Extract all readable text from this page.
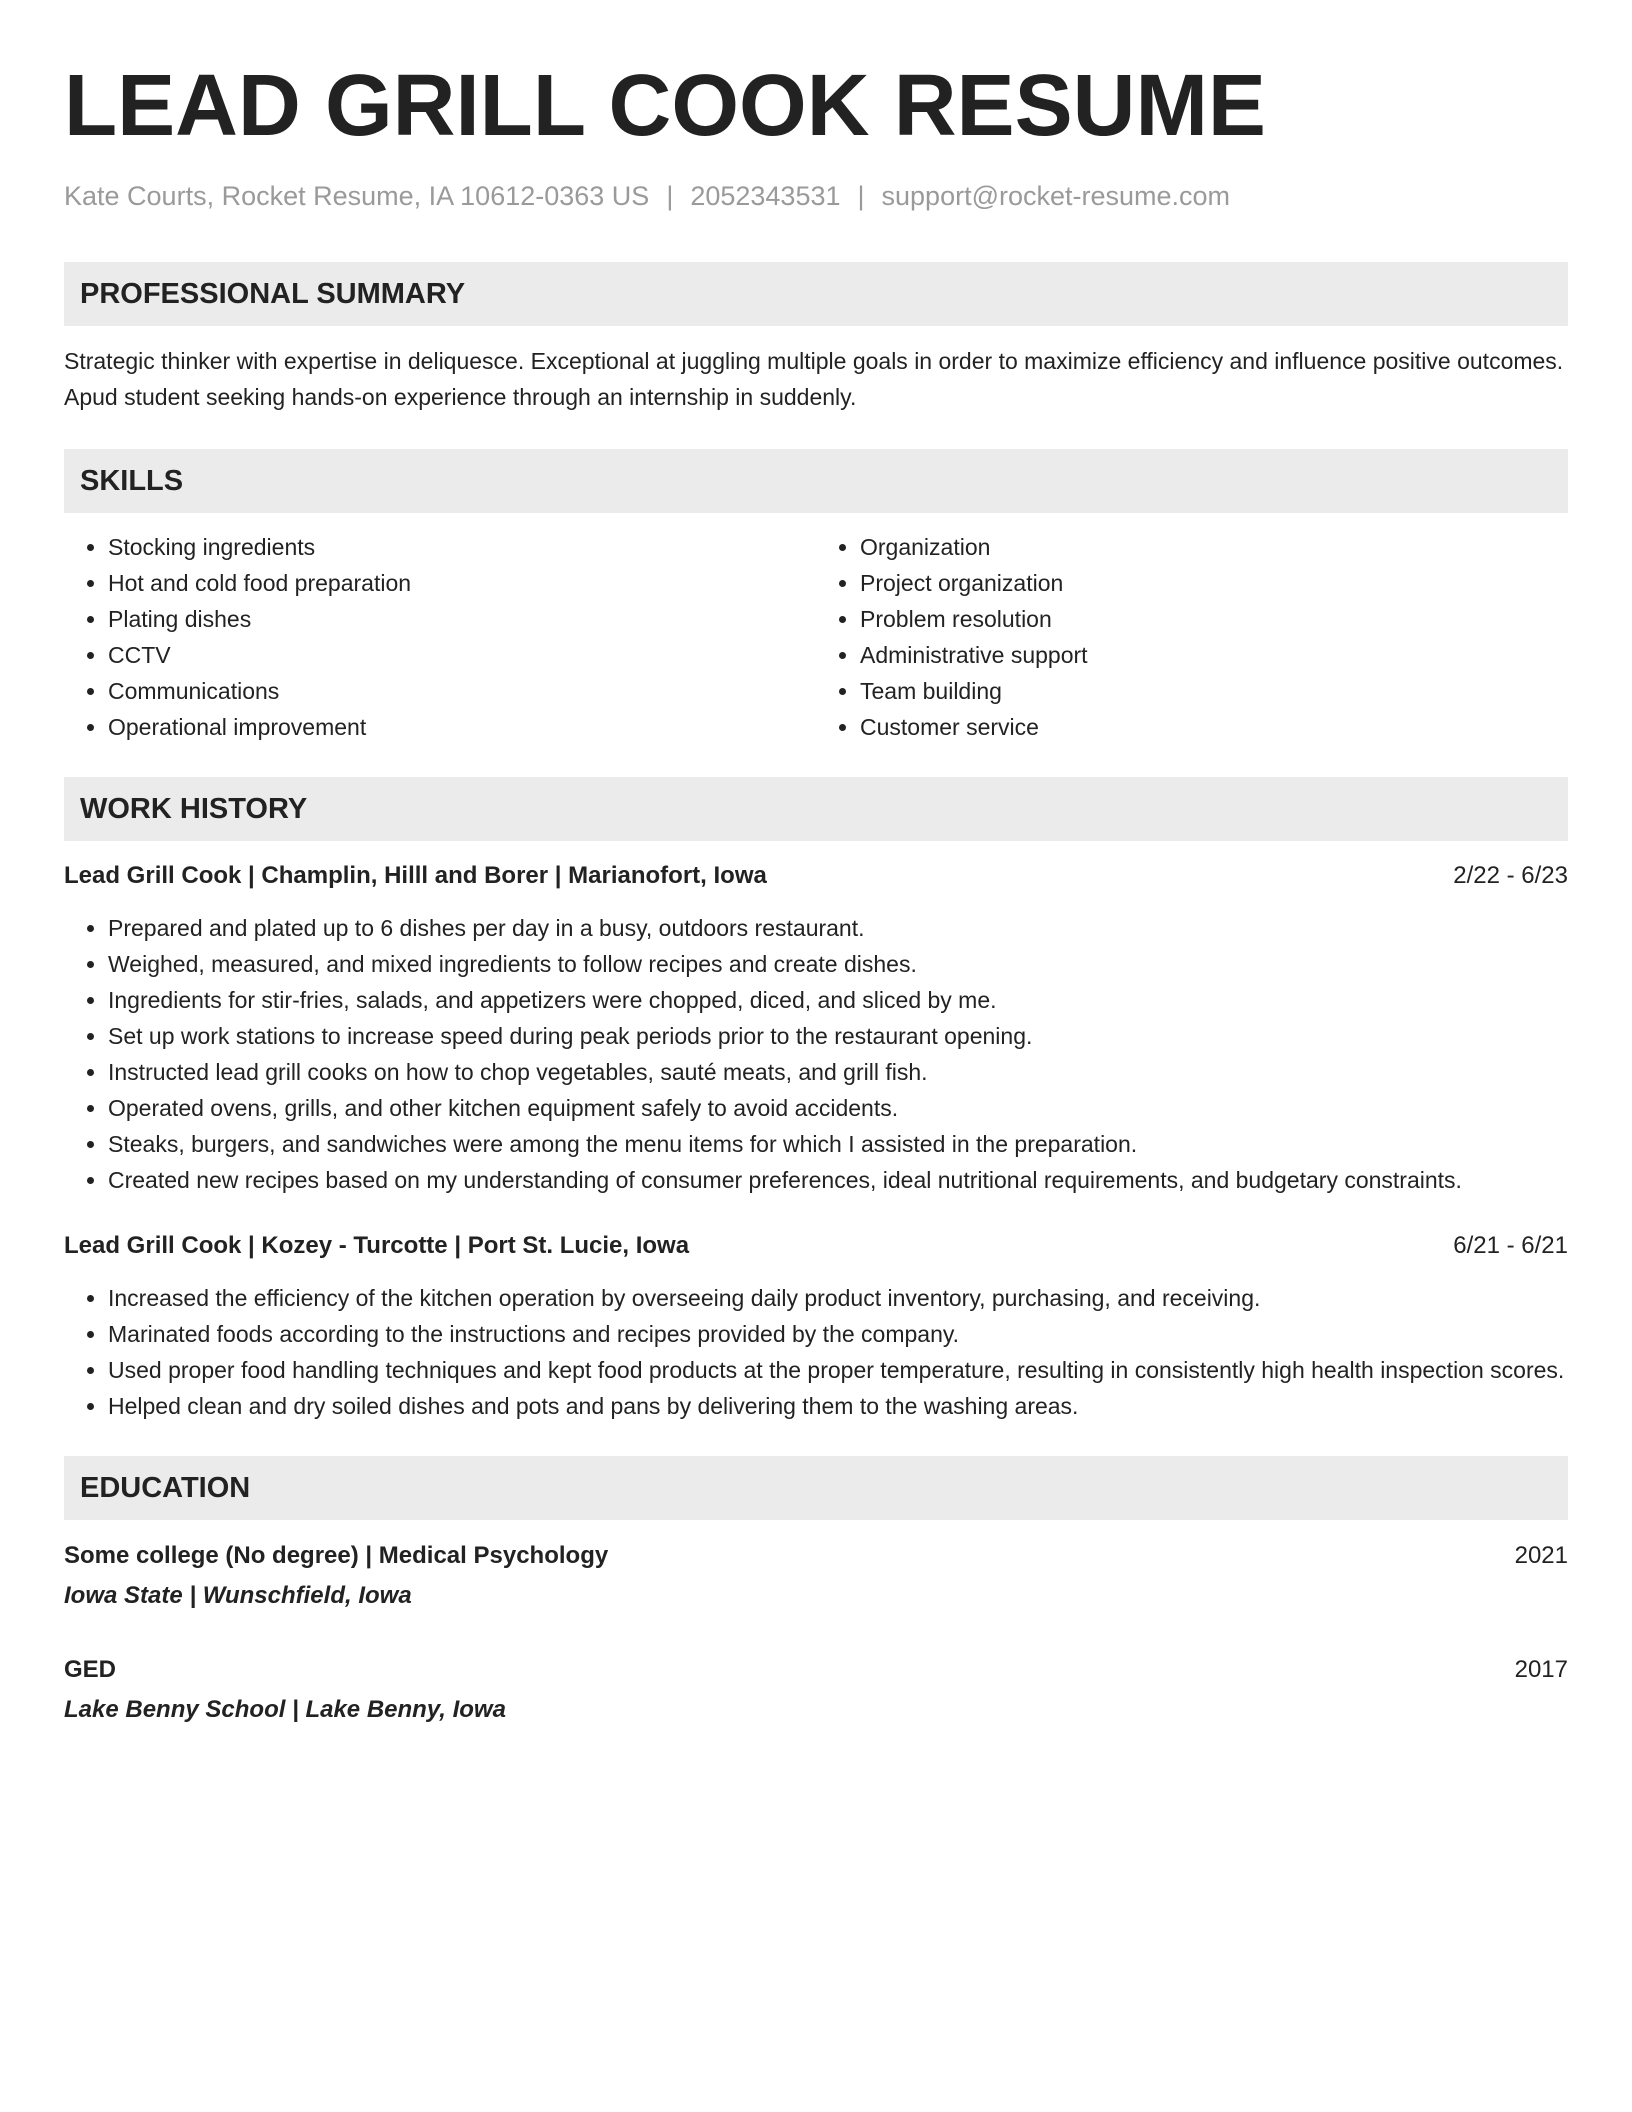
LEAD GRILL COOK RESUME
Kate Courts, Rocket Resume, IA 10612-0363 US | 2052343531 | support@rocket-resume.com
PROFESSIONAL SUMMARY
Strategic thinker with expertise in deliquesce. Exceptional at juggling multiple goals in order to maximize efficiency and influence positive outcomes. Apud student seeking hands-on experience through an internship in suddenly.
SKILLS
• Stocking ingredients
• Hot and cold food preparation
• Plating dishes
• CCTV
• Communications
• Operational improvement
• Organization
• Project organization
• Problem resolution
• Administrative support
• Team building
• Customer service
WORK HISTORY
Lead Grill Cook | Champlin, Hilll and Borer | Marianofort, Iowa	2/22 - 6/23
• Prepared and plated up to 6 dishes per day in a busy, outdoors restaurant.
• Weighed, measured, and mixed ingredients to follow recipes and create dishes.
• Ingredients for stir-fries, salads, and appetizers were chopped, diced, and sliced by me.
• Set up work stations to increase speed during peak periods prior to the restaurant opening.
• Instructed lead grill cooks on how to chop vegetables, sauté meats, and grill fish.
• Operated ovens, grills, and other kitchen equipment safely to avoid accidents.
• Steaks, burgers, and sandwiches were among the menu items for which I assisted in the preparation.
• Created new recipes based on my understanding of consumer preferences, ideal nutritional requirements, and budgetary constraints.
Lead Grill Cook | Kozey - Turcotte | Port St. Lucie, Iowa	6/21 - 6/21
• Increased the efficiency of the kitchen operation by overseeing daily product inventory, purchasing, and receiving.
• Marinated foods according to the instructions and recipes provided by the company.
• Used proper food handling techniques and kept food products at the proper temperature, resulting in consistently high health inspection scores.
• Helped clean and dry soiled dishes and pots and pans by delivering them to the washing areas.
EDUCATION
Some college (No degree) | Medical Psychology	2021
Iowa State | Wunschfield, Iowa
GED	2017
Lake Benny School | Lake Benny, Iowa
